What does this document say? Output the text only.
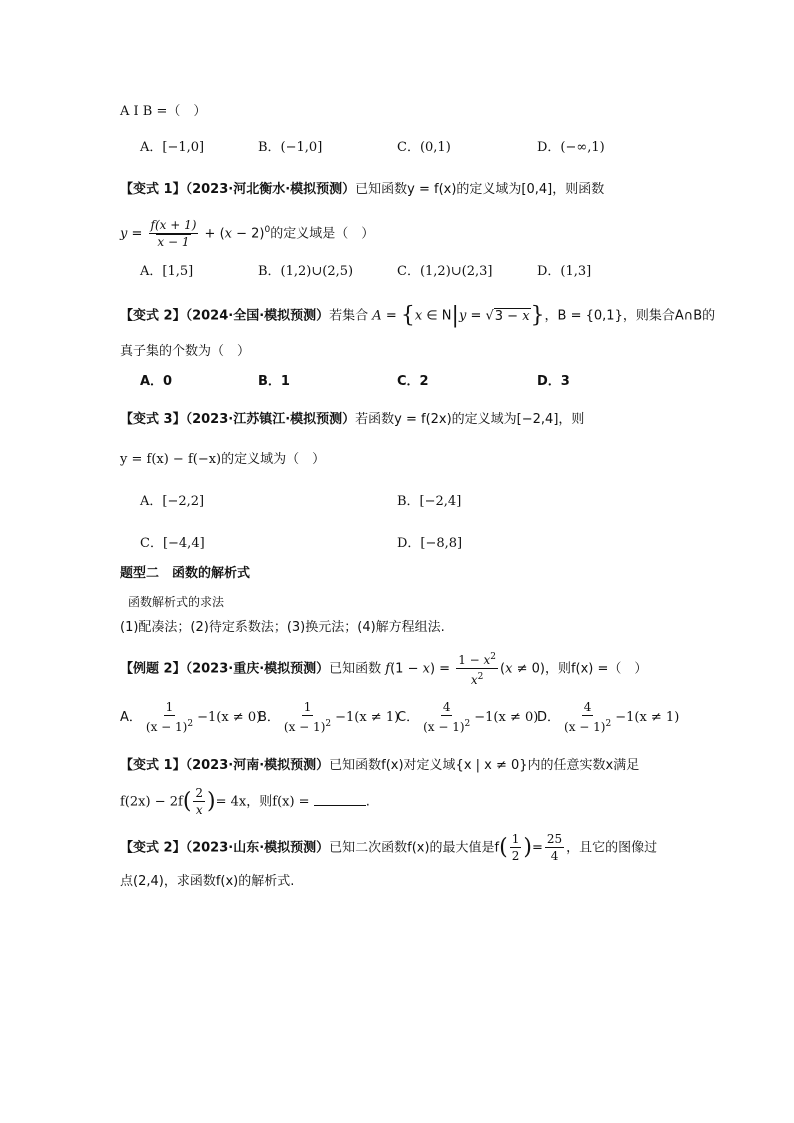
A I B =（　）
A．[−1,0]	B．(−1,0]	C．(0,1)	D．(−∞,1)
【变式 1】（2023·河北衡水·模拟预测）已知函数y = f(x)的定义域为[0,4]，则函数
$y = \frac{f(x + 1)}{x - 1} + (x - 2)^0$的定义域是（　）
A．[1,5]	B．(1,2)∪(2,5)	C．(1,2)∪(2,3]	D．(1,3]
【变式 2】（2024·全国·模拟预测）若集合 A = {x ∈ N|y = √3 − x}，B = {0,1}，则集合A∩B的
真子集的个数为（　）
A．0	B．1	C．2	D．3
【变式 3】（2023·江苏镇江·模拟预测）若函数y = f(2x)的定义域为[−2,4]，则
y = f(x) − f(−x)的定义域为（　）
A．[−2,2]	B．[−2,4]
C．[−4,4]	D．[−8,8]
题型二　函数的解析式
函数解析式的求法
(1)配凑法；(2)待定系数法；(3)换元法；(4)解方程组法.
【例题 2】（2023·重庆·模拟预测）已知函数 $f(1 - x) = \frac{1 - x^2}{x^2} (x \ne 0)$，则f(x) =（　）
A． $\frac{1}{(x - 1)^2} -1(x \ne 0)$
B． $\frac{1}{(x - 1)^2} -1(x \ne 1)$
C． $\frac{4}{(x - 1)^2} -1(x \ne 0)$
D． $\frac{4}{(x - 1)^2} -1(x \ne 1)$
【变式 1】（2023·河南·模拟预测）已知函数f(x)对定义域{x | x ≠ 0}内的任意实数x满足
$f(2x) - 2f( \frac{2}{x}$ )= 4x，则f(x) =	.
【变式 2】（2023·山东·模拟预测）已知二次函数f(x)的最大值是$f( \frac{1}{2}$ )= $\frac{25}{4}$ ，且它的图像过
点(2,4)，求函数f(x)的解析式.
